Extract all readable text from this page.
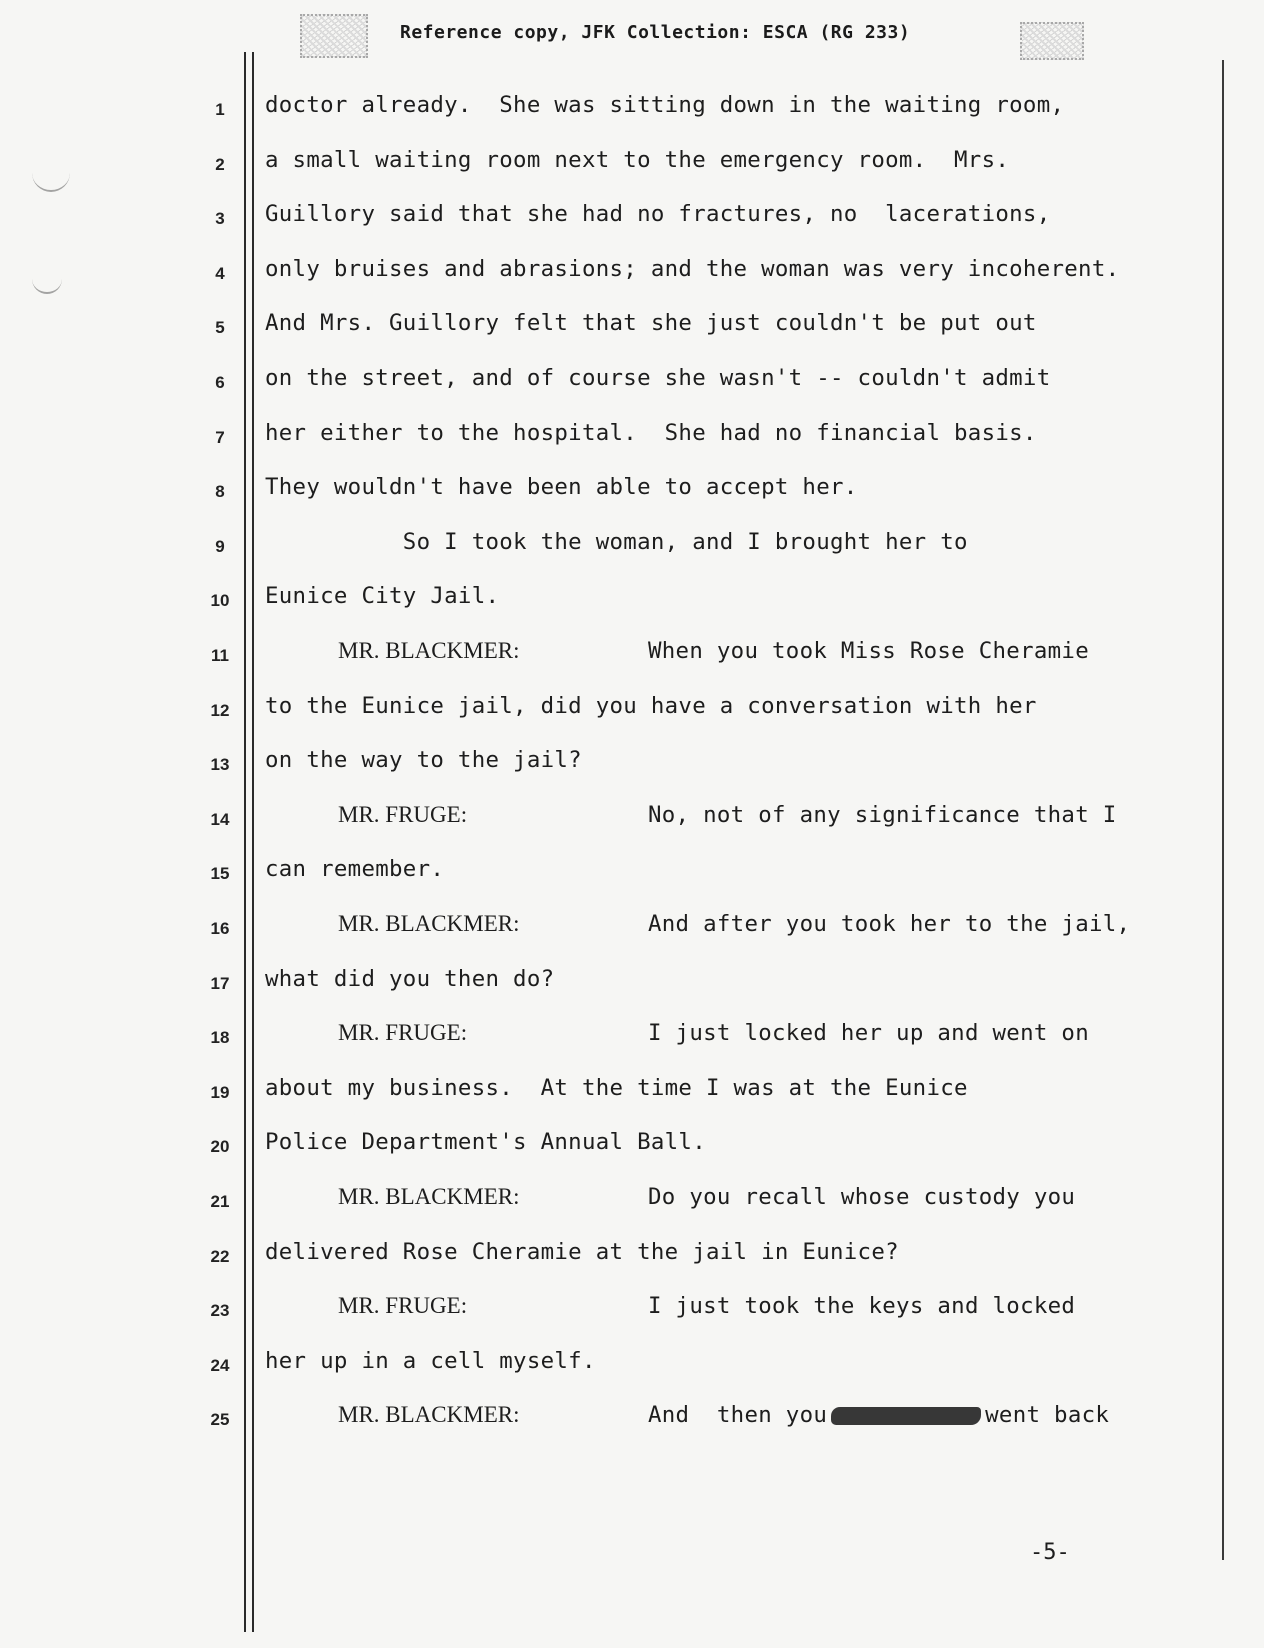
Reference copy, JFK Collection: ESCA (RG 233)
1	doctor already.  She was sitting down in the waiting room,
2	a small waiting room next to the emergency room.  Mrs.
3	Guillory said that she had no fractures, no  lacerations,
4	only bruises and abrasions; and the woman was very incoherent.
5	And Mrs. Guillory felt that she just couldn't be put out
6	on the street, and of course she wasn't -- couldn't admit
7	her either to the hospital.  She had no financial basis.
8	They wouldn't have been able to accept her.
9	So I took the woman, and I brought her to
10	Eunice City Jail.
11	MR. BLACKMER:	When you took Miss Rose Cheramie
12	to the Eunice jail, did you have a conversation with her
13	on the way to the jail?
14	MR. FRUGE:	No, not of any significance that I
15	can remember.
16	MR. BLACKMER:	And after you took her to the jail,
17	what did you then do?
18	MR. FRUGE:	I just locked her up and went on
19	about my business.  At the time I was at the Eunice
20	Police Department's Annual Ball.
21	MR. BLACKMER:	Do you recall whose custody you
22	delivered Rose Cheramie at the jail in Eunice?
23	MR. FRUGE:	I just took the keys and locked
24	her up in a cell myself.
25	MR. BLACKMER:	And  then you	went back
-5-
